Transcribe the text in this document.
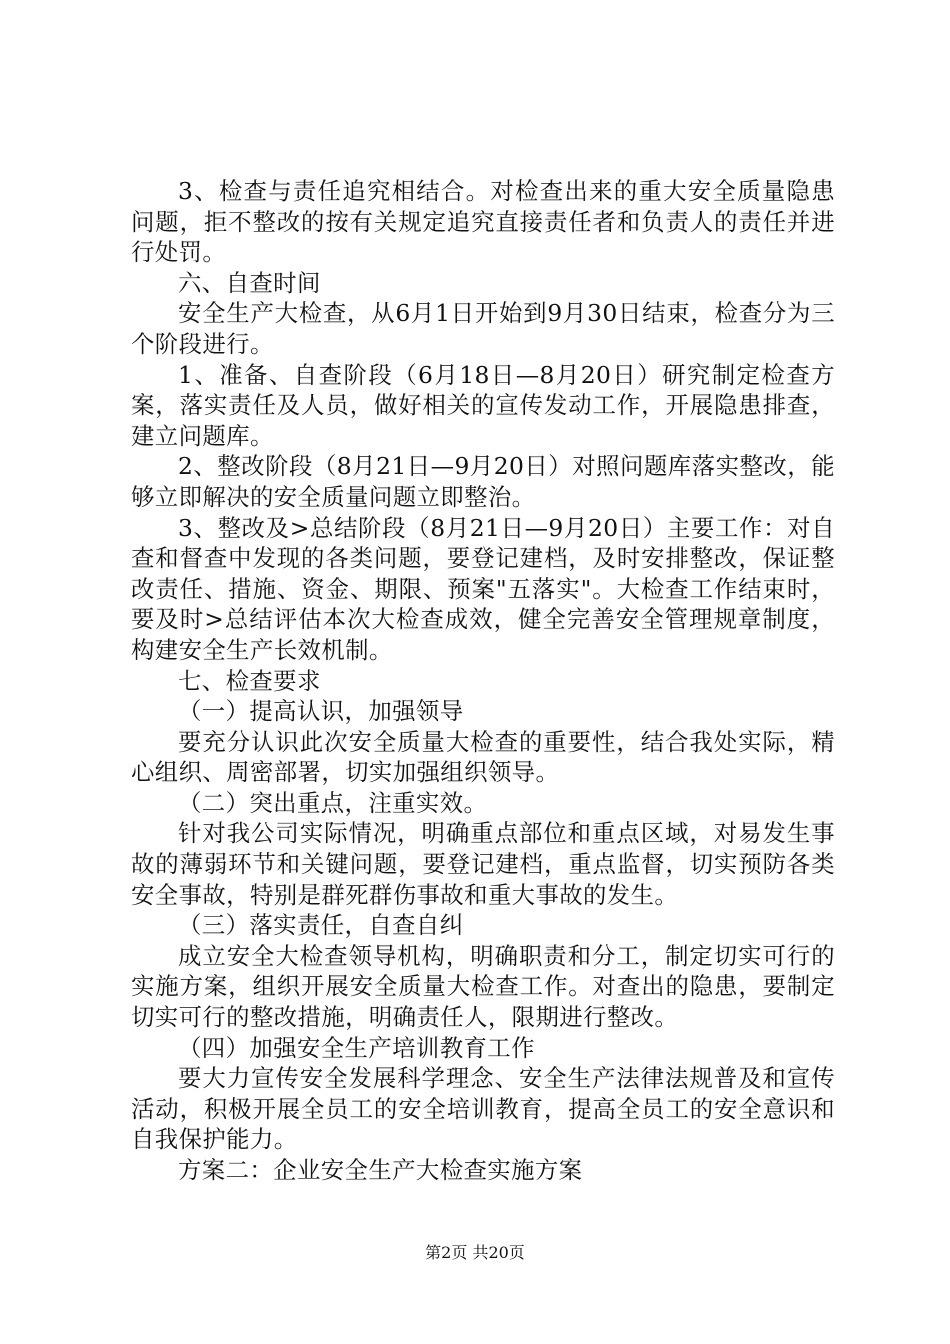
3、检查与责任追究相结合。对检查出来的重大安全质量隐患问题，拒不整改的按有关规定追究直接责任者和负责人的责任并进行处罚。

六、自查时间

安全生产大检查，从6月1日开始到9月30日结束，检查分为三个阶段进行。

1、准备、自查阶段（6月18日—8月20日）研究制定检查方案，落实责任及人员，做好相关的宣传发动工作，开展隐患排查，建立问题库。

2、整改阶段（8月21日—9月20日）对照问题库落实整改，能够立即解决的安全质量问题立即整治。

3、整改及>总结阶段（8月21日—9月20日）主要工作：对自查和督查中发现的各类问题，要登记建档，及时安排整改，保证整改责任、措施、资金、期限、预案"五落实"。大检查工作结束时，要及时>总结评估本次大检查成效，健全完善安全管理规章制度，构建安全生产长效机制。

七、检查要求

（一）提高认识，加强领导

要充分认识此次安全质量大检查的重要性，结合我处实际，精心组织、周密部署，切实加强组织领导。

（二）突出重点，注重实效。

针对我公司实际情况，明确重点部位和重点区域，对易发生事故的薄弱环节和关键问题，要登记建档，重点监督，切实预防各类安全事故，特别是群死群伤事故和重大事故的发生。

（三）落实责任，自查自纠

成立安全大检查领导机构，明确职责和分工，制定切实可行的实施方案，组织开展安全质量大检查工作。对查出的隐患，要制定切实可行的整改措施，明确责任人，限期进行整改。

（四）加强安全生产培训教育工作

要大力宣传安全发展科学理念、安全生产法律法规普及和宣传活动，积极开展全员工的安全培训教育，提高全员工的安全意识和自我保护能力。

方案二：企业安全生产大检查实施方案

第2页 共20页
